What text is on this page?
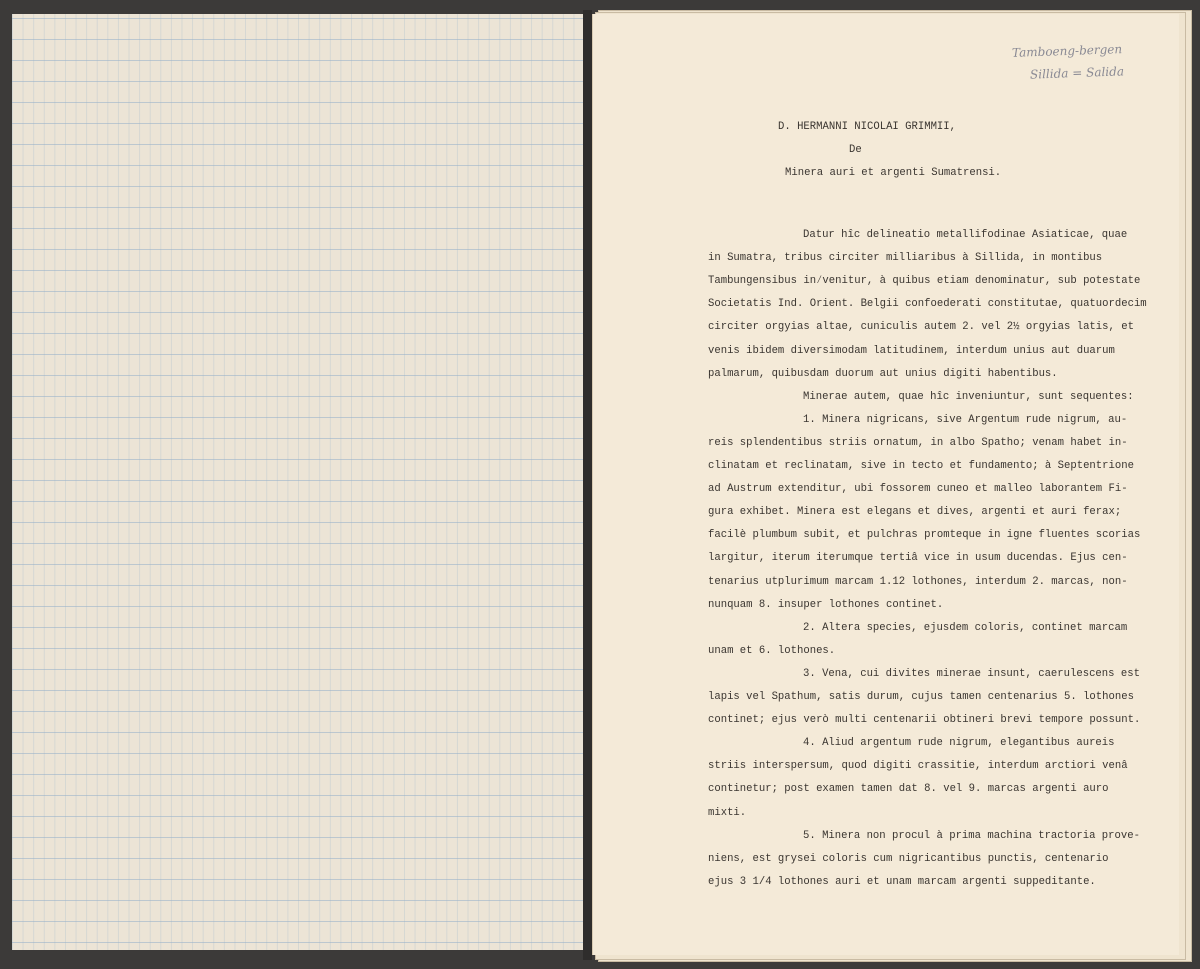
Tamboeng-bergen
Sillida = Salida
D. HERMANNI NICOLAI GRIMMII,
De
Minera auri et argenti Sumatrensi.
Datur hîc delineatio metallifodinae Asiaticae, quae
in Sumatra, tribus circiter milliaribus à Sillida, in montibus
Tambungensibus in⁄venitur, à quibus etiam denominatur, sub potestate
Societatis Ind. Orient. Belgii confoederati constitutae, quatuordecim
circiter orgyias altae, cuniculis autem 2. vel 2½ orgyias latis, et
venis ibidem diversimodam latitudinem, interdum unius aut duarum
palmarum, quibusdam duorum aut unius digiti habentibus.
Minerae autem, quae hîc inveniuntur, sunt sequentes:
1. Minera nigricans, sive Argentum rude nigrum, au-
reis splendentibus striis ornatum, in albo Spatho; venam habet in-
clinatam et reclinatam, sive in tecto et fundamento; à Septentrione
ad Austrum extenditur, ubi fossorem cuneo et malleo laborantem Fi-
gura exhibet. Minera est elegans et dives, argenti et auri ferax;
facilè plumbum subit, et pulchras promteque in igne fluentes scorias
largitur, iterum iterumque tertiâ vice in usum ducendas. Ejus cen-
tenarius utplurimum marcam 1.12 lothones, interdum 2. marcas, non-
nunquam 8. insuper lothones continet.
2. Altera species, ejusdem coloris, continet marcam
unam et 6. lothones.
3. Vena, cui divites minerae insunt, caerulescens est
lapis vel Spathum, satis durum, cujus tamen centenarius 5. lothones
continet; ejus verò multi centenarii obtineri brevi tempore possunt.
4. Aliud argentum rude nigrum, elegantibus aureis
striis interspersum, quod digiti crassitie, interdum arctiori venâ
continetur; post examen tamen dat 8. vel 9. marcas argenti auro
mixti.
5. Minera non procul à prima machina tractoria prove-
niens, est grysei coloris cum nigricantibus punctis, centenario
ejus 3 1/4 lothones auri et unam marcam argenti suppeditante.
